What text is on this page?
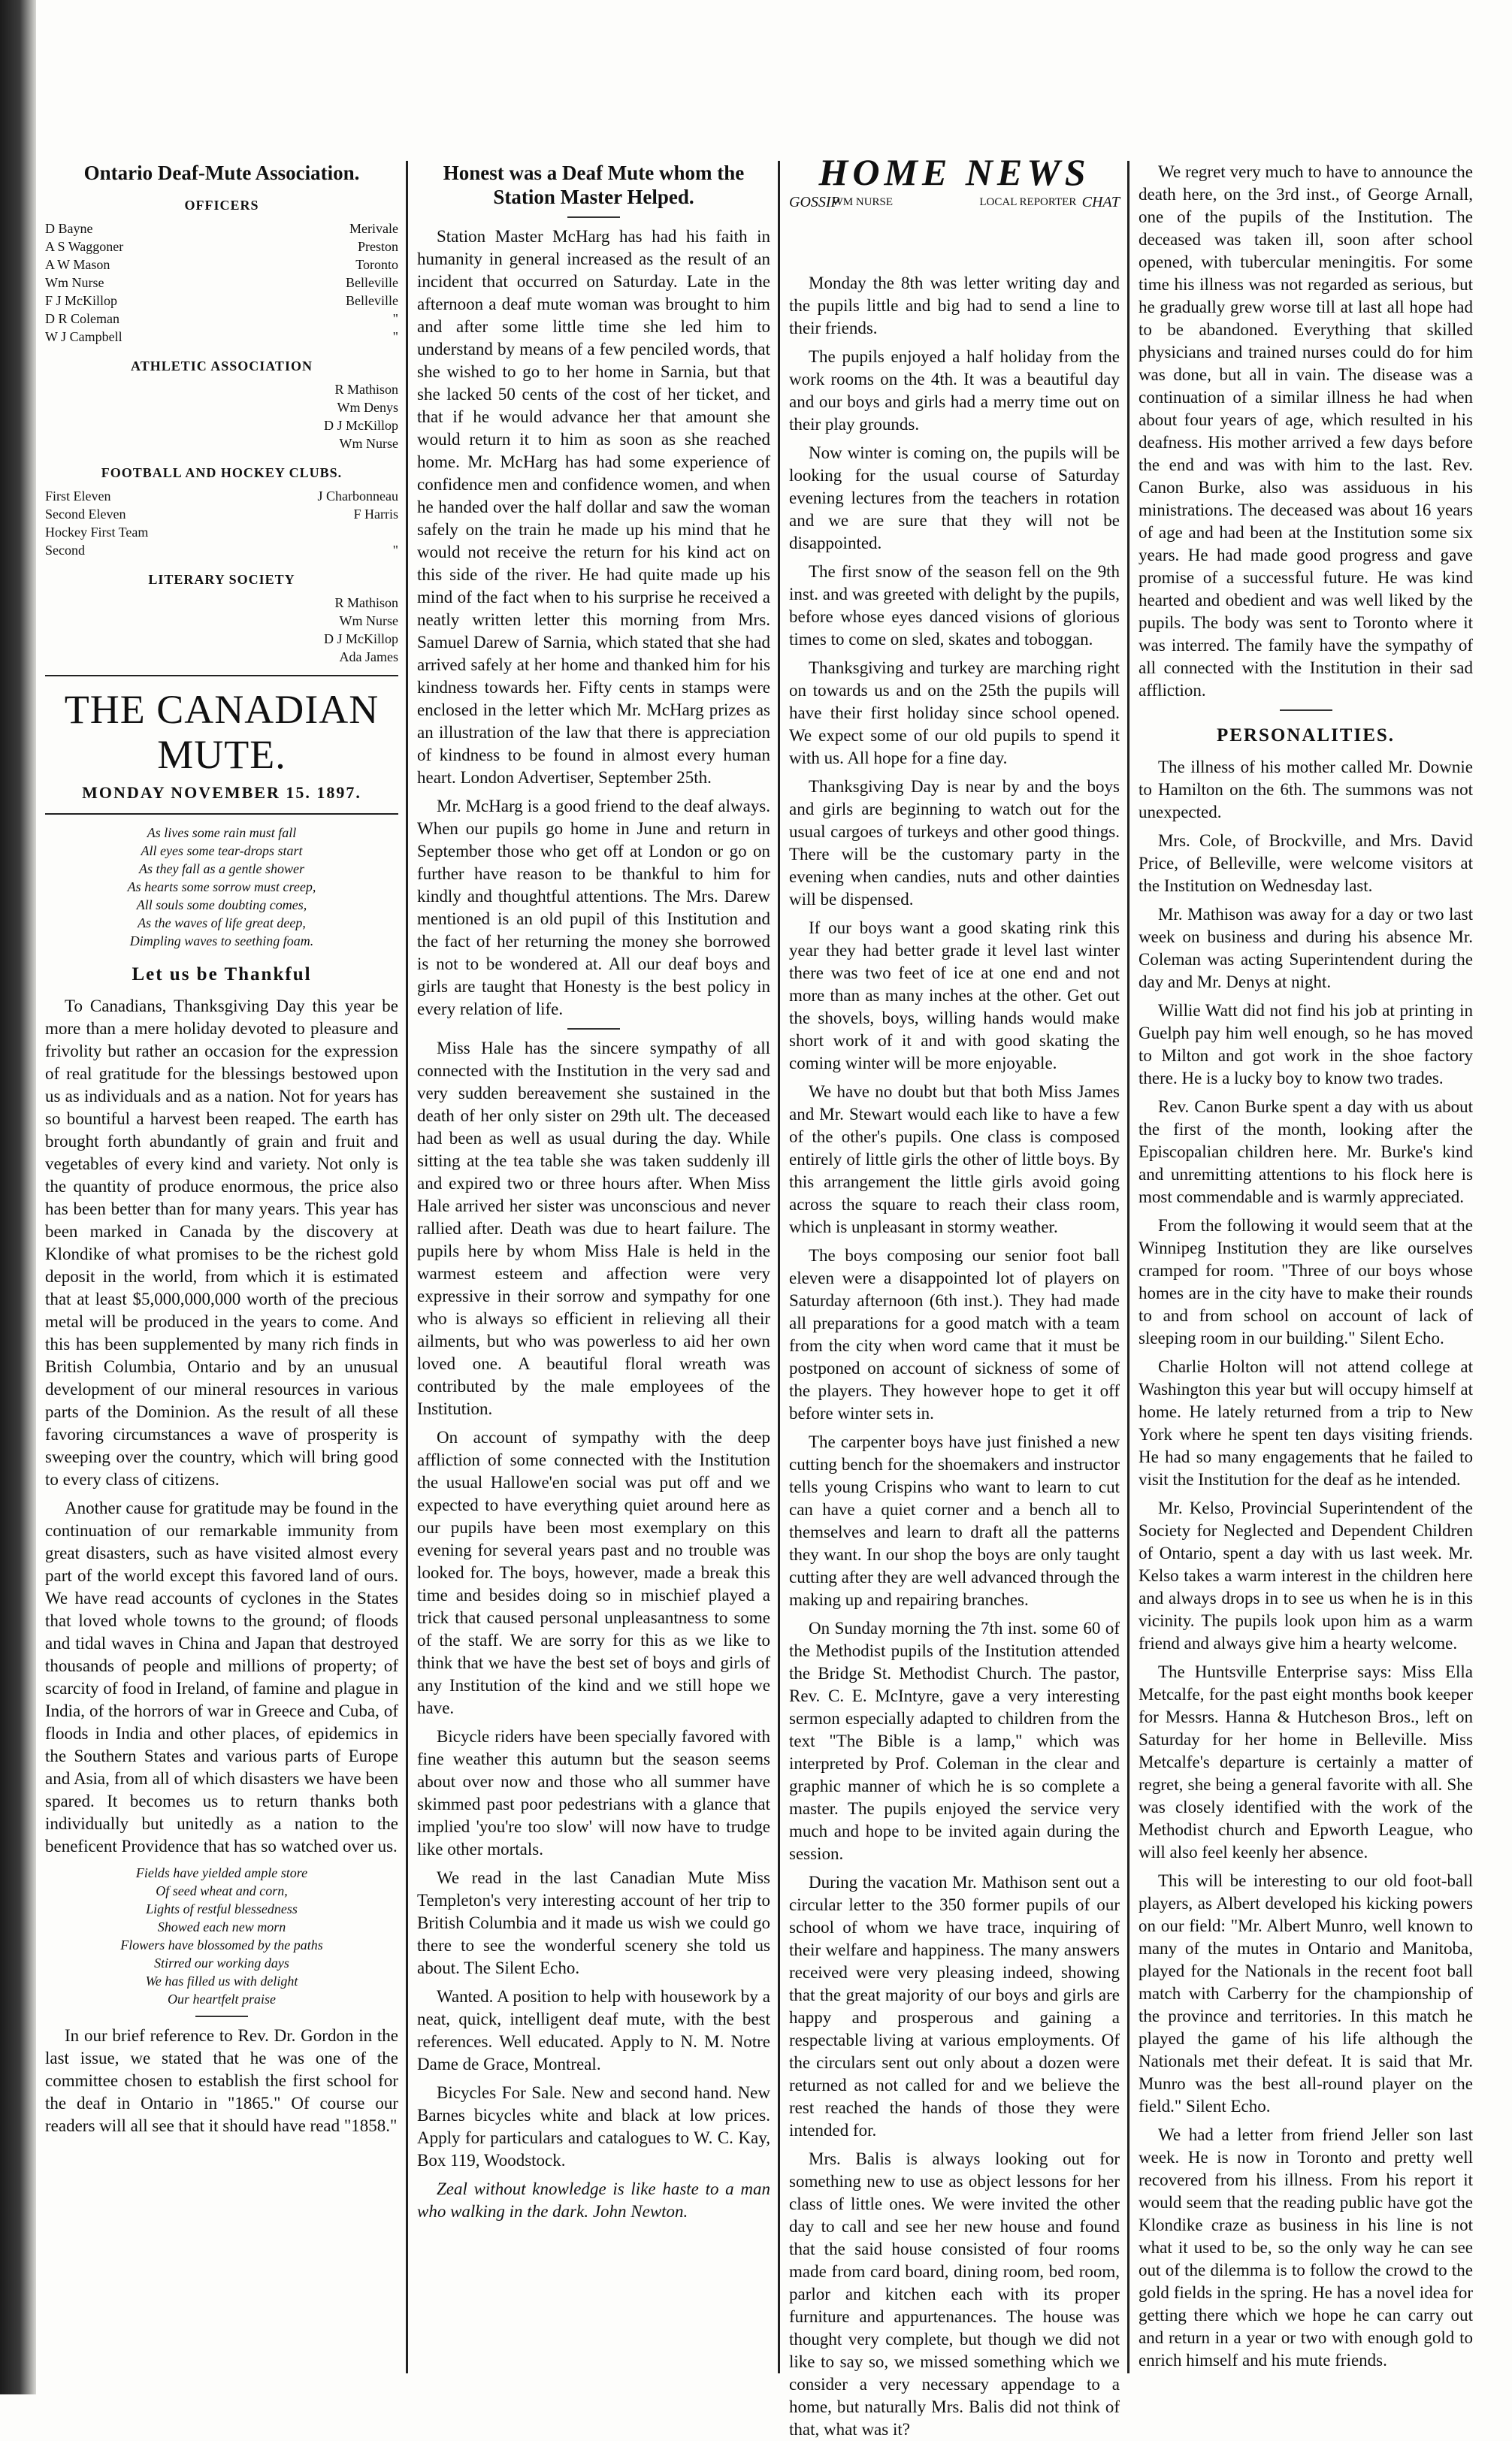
Ontario Deaf-Mute Association.
OFFICERS
D Bayne	Merivale
A S Waggoner	Preston
A W Mason	Toronto
Wm Nurse	Belleville
F J McKillop	Belleville
D R Coleman	"
W J Campbell	"
ATHLETIC ASSOCIATION
R Mathison
Wm Denys
D J McKillop
Wm Nurse
FOOTBALL AND HOCKEY CLUBS.
First Eleven	J Charbonneau
Second Eleven	F Harris
Hockey First Team
Second	"
LITERARY SOCIETY
R Mathison
Wm Nurse
D J McKillop
Ada James
THE CANADIAN MUTE.
MONDAY NOVEMBER 15. 1897.
As lives some rain must fall
All eyes some tear-drops start
As they fall as a gentle shower
As hearts some sorrow must creep,
All souls some doubting comes,
As the waves of life great deep,
Dimpling waves to seething foam.
Let us be Thankful

To Canadians, Thanksgiving Day this year be more than a mere holiday devoted to pleasure and frivolity but rather an occasion for the expression of real gratitude for the blessings bestowed upon us as individuals and as a nation. Not for years has so bountiful a harvest been reaped. The earth has brought forth abundantly of grain and fruit and vegetables of every kind and variety. Not only is the quantity of produce enormous, the price also has been better than for many years. This year has been marked in Canada by the discovery at Klondike of what promises to be the richest gold deposit in the world, from which it is estimated that at least $5,000,000,000 worth of the precious metal will be produced in the years to come. And this has been supplemented by many rich finds in British Columbia, Ontario and by an unusual development of our mineral resources in various parts of the Dominion. As the result of all these favoring circumstances a wave of prosperity is sweeping over the country, which will bring good to every class of citizens.

Another cause for gratitude may be found in the continuation of our remarkable immunity from great disasters, such as have visited almost every part of the world except this favored land of ours. We have read accounts of cyclones in the States that loved whole towns to the ground; of floods and tidal waves in China and Japan that destroyed thousands of people and millions of property; of scarcity of food in Ireland, of famine and plague in India, of the horrors of war in Greece and Cuba, of floods in India and other places, of epidemics in the Southern States and various parts of Europe and Asia, from all of which disasters we have been spared. It becomes us to return thanks both individually but unitedly as a nation to the beneficent Providence that has so watched over us.

Fields have yielded ample store
Of seed wheat and corn,
Lights of restful blessedness
Showed each new morn
Flowers have blossomed by the paths
Stirred our working days
We has filled us with delight
Our heartfelt praise

In our brief reference to Rev. Dr. Gordon in the last issue, we stated that he was one of the committee chosen to establish the first school for the deaf in Ontario in "1865." Of course our readers will all see that it should have read "1858."

Honest was a Deaf Mute whom the Station Master Helped.

Station Master McHarg has had his faith in humanity in general increased as the result of an incident that occurred on Saturday. Late in the afternoon a deaf mute woman was brought to him and after some little time she led him to understand by means of a few penciled words, that she wished to go to her home in Sarnia, but that she lacked 50 cents of the cost of her ticket, and that if he would advance her that amount she would return it to him as soon as she reached home. Mr. McHarg has had some experience of confidence men and confidence women, and when he handed over the half dollar and saw the woman safely on the train he made up his mind that he would not receive the return for his kind act on this side of the river. He had quite made up his mind of the fact when to his surprise he received a neatly written letter this morning from Mrs. Samuel Darew of Sarnia, which stated that she had arrived safely at her home and thanked him for his kindness towards her. Fifty cents in stamps were enclosed in the letter which Mr. McHarg prizes as an illustration of the law that there is appreciation of kindness to be found in almost every human heart. London Advertiser, September 25th.

Mr. McHarg is a good friend to the deaf always. When our pupils go home in June and return in September those who get off at London or go on further have reason to be thankful to him for kindly and thoughtful attentions. The Mrs. Darew mentioned is an old pupil of this Institution and the fact of her returning the money she borrowed is not to be wondered at. All our deaf boys and girls are taught that Honesty is the best policy in every relation of life.

Miss Hale has the sincere sympathy of all connected with the Institution in the very sad and very sudden bereavement she sustained in the death of her only sister on 29th ult. The deceased had been as well as usual during the day. While sitting at the tea table she was taken suddenly ill and expired two or three hours after. When Miss Hale arrived her sister was unconscious and never rallied after. Death was due to heart failure. The pupils here by whom Miss Hale is held in the warmest esteem and affection were very expressive in their sorrow and sympathy for one who is always so efficient in relieving all their ailments, but who was powerless to aid her own loved one. A beautiful floral wreath was contributed by the male employees of the Institution.

On account of sympathy with the deep affliction of some connected with the Institution the usual Hallowe'en social was put off and we expected to have everything quiet around here as our pupils have been most exemplary on this evening for several years past and no trouble was looked for. The boys, however, made a break this time and besides doing so in mischief played a trick that caused personal unpleasantness to some of the staff. We are sorry for this as we like to think that we have the best set of boys and girls of any Institution of the kind and we still hope we have.

Bicycle riders have been specially favored with fine weather this autumn but the season seems about over now and those who all summer have skimmed past poor pedestrians with a glance that implied 'you're too slow' will now have to trudge like other mortals.

We read in the last Canadian Mute Miss Templeton's very interesting account of her trip to British Columbia and it made us wish we could go there to see the wonderful scenery she told us about. The Silent Echo.

Wanted. A position to help with housework by a neat, quick, intelligent deaf mute, with the best references. Well educated. Apply to N. M. Notre Dame de Grace, Montreal.

Bicycles For Sale. New and second hand. New Barnes bicycles white and black at low prices. Apply for particulars and catalogues to W. C. Kay, Box 119, Woodstock.

Zeal without knowledge is like haste to a man who walking in the dark. John Newton.

GOSSIP
HOME NEWS
CHAT
WM NURSE	LOCAL REPORTER

Monday the 8th was letter writing day and the pupils little and big had to send a line to their friends.

The pupils enjoyed a half holiday from the work rooms on the 4th. It was a beautiful day and our boys and girls had a merry time out on their play grounds.

Now winter is coming on, the pupils will be looking for the usual course of Saturday evening lectures from the teachers in rotation and we are sure that they will not be disappointed.

The first snow of the season fell on the 9th inst. and was greeted with delight by the pupils, before whose eyes danced visions of glorious times to come on sled, skates and toboggan.

Thanksgiving and turkey are marching right on towards us and on the 25th the pupils will have their first holiday since school opened. We expect some of our old pupils to spend it with us. All hope for a fine day.

Thanksgiving Day is near by and the boys and girls are beginning to watch out for the usual cargoes of turkeys and other good things. There will be the customary party in the evening when candies, nuts and other dainties will be dispensed.

If our boys want a good skating rink this year they had better grade it level last winter there was two feet of ice at one end and not more than as many inches at the other. Get out the shovels, boys, willing hands would make short work of it and with good skating the coming winter will be more enjoyable.

We have no doubt but that both Miss James and Mr. Stewart would each like to have a few of the other's pupils. One class is composed entirely of little girls the other of little boys. By this arrangement the little girls avoid going across the square to reach their class room, which is unpleasant in stormy weather.

The boys composing our senior foot ball eleven were a disappointed lot of players on Saturday afternoon (6th inst.). They had made all preparations for a good match with a team from the city when word came that it must be postponed on account of sickness of some of the players. They however hope to get it off before winter sets in.

The carpenter boys have just finished a new cutting bench for the shoemakers and instructor tells young Crispins who want to learn to cut can have a quiet corner and a bench all to themselves and learn to draft all the patterns they want. In our shop the boys are only taught cutting after they are well advanced through the making up and repairing branches.

On Sunday morning the 7th inst. some 60 of the Methodist pupils of the Institution attended the Bridge St. Methodist Church. The pastor, Rev. C. E. McIntyre, gave a very interesting sermon especially adapted to children from the text "The Bible is a lamp," which was interpreted by Prof. Coleman in the clear and graphic manner of which he is so complete a master. The pupils enjoyed the service very much and hope to be invited again during the session.

During the vacation Mr. Mathison sent out a circular letter to the 350 former pupils of our school of whom we have trace, inquiring of their welfare and happiness. The many answers received were very pleasing indeed, showing that the great majority of our boys and girls are happy and prosperous and gaining a respectable living at various employments. Of the circulars sent out only about a dozen were returned as not called for and we believe the rest reached the hands of those they were intended for.

Mrs. Balis is always looking out for something new to use as object lessons for her class of little ones. We were invited the other day to call and see her new house and found that the said house consisted of four rooms made from card board, dining room, bed room, parlor and kitchen each with its proper furniture and appurtenances. The house was thought very complete, but though we did not like to say so, we missed something which we consider a very necessary appendage to a home, but naturally Mrs. Balis did not think of that, what was it?

We regret very much to have to announce the death here, on the 3rd inst., of George Arnall, one of the pupils of the Institution. The deceased was taken ill, soon after school opened, with tubercular meningitis. For some time his illness was not regarded as serious, but he gradually grew worse till at last all hope had to be abandoned. Everything that skilled physicians and trained nurses could do for him was done, but all in vain. The disease was a continuation of a similar illness he had when about four years of age, which resulted in his deafness. His mother arrived a few days before the end and was with him to the last. Rev. Canon Burke, also was assiduous in his ministrations. The deceased was about 16 years of age and had been at the Institution some six years. He had made good progress and gave promise of a successful future. He was kind hearted and obedient and was well liked by the pupils. The body was sent to Toronto where it was interred. The family have the sympathy of all connected with the Institution in their sad affliction.

PERSONALITIES.

The illness of his mother called Mr. Downie to Hamilton on the 6th. The summons was not unexpected.

Mrs. Cole, of Brockville, and Mrs. David Price, of Belleville, were welcome visitors at the Institution on Wednesday last.

Mr. Mathison was away for a day or two last week on business and during his absence Mr. Coleman was acting Superintendent during the day and Mr. Denys at night.

Willie Watt did not find his job at printing in Guelph pay him well enough, so he has moved to Milton and got work in the shoe factory there. He is a lucky boy to know two trades.

Rev. Canon Burke spent a day with us about the first of the month, looking after the Episcopalian children here. Mr. Burke's kind and unremitting attentions to his flock here is most commendable and is warmly appreciated.

From the following it would seem that at the Winnipeg Institution they are like ourselves cramped for room. "Three of our boys whose homes are in the city have to make their rounds to and from school on account of lack of sleeping room in our building." Silent Echo.

Charlie Holton will not attend college at Washington this year but will occupy himself at home. He lately returned from a trip to New York where he spent ten days visiting friends. He had so many engagements that he failed to visit the Institution for the deaf as he intended.

Mr. Kelso, Provincial Superintendent of the Society for Neglected and Dependent Children of Ontario, spent a day with us last week. Mr. Kelso takes a warm interest in the children here and always drops in to see us when he is in this vicinity. The pupils look upon him as a warm friend and always give him a hearty welcome.

The Huntsville Enterprise says: Miss Ella Metcalfe, for the past eight months book keeper for Messrs. Hanna & Hutcheson Bros., left on Saturday for her home in Belleville. Miss Metcalfe's departure is certainly a matter of regret, she being a general favorite with all. She was closely identified with the work of the Methodist church and Epworth League, who will also feel keenly her absence.

This will be interesting to our old foot-ball players, as Albert developed his kicking powers on our field: "Mr. Albert Munro, well known to many of the mutes in Ontario and Manitoba, played for the Nationals in the recent foot ball match with Carberry for the championship of the province and territories. In this match he played the game of his life although the Nationals met their defeat. It is said that Mr. Munro was the best all-round player on the field." Silent Echo.

We had a letter from friend Jeller son last week. He is now in Toronto and pretty well recovered from his illness. From his report it would seem that the reading public have got the Klondike craze as business in his line is not what it used to be, so the only way he can see out of the dilemma is to follow the crowd to the gold fields in the spring. He has a novel idea for getting there which we hope he can carry out and return in a year or two with enough gold to enrich himself and his mute friends.
